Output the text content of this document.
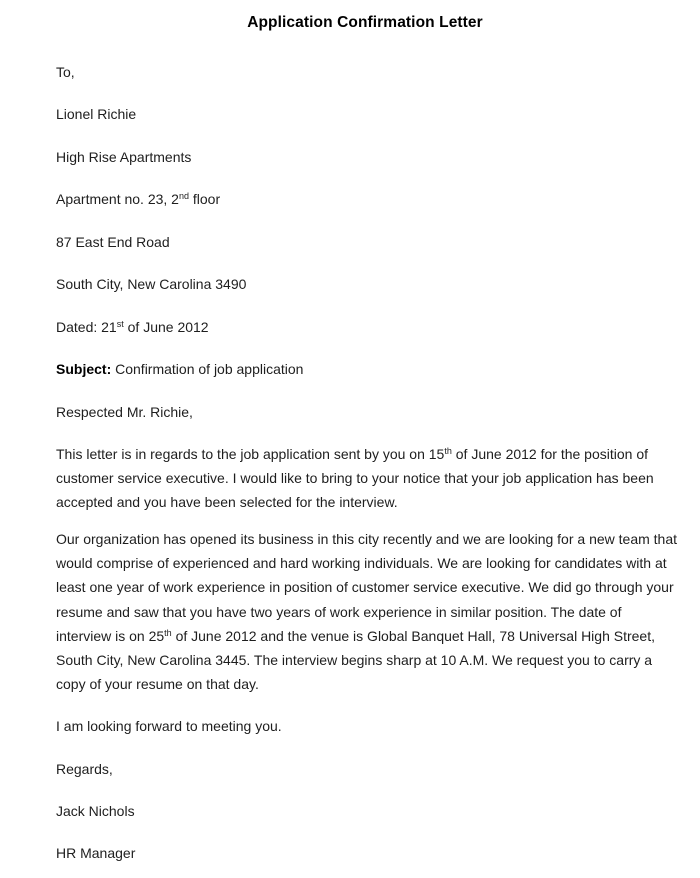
Application Confirmation Letter
To,
Lionel Richie
High Rise Apartments
Apartment no. 23, 2nd floor
87 East End Road
South City, New Carolina 3490
Dated: 21st of June 2012
Subject: Confirmation of job application
Respected Mr. Richie,
This letter is in regards to the job application sent by you on 15th of June 2012 for the position of customer service executive. I would like to bring to your notice that your job application has been accepted and you have been selected for the interview.
Our organization has opened its business in this city recently and we are looking for a new team that would comprise of experienced and hard working individuals. We are looking for candidates with at least one year of work experience in position of customer service executive. We did go through your resume and saw that you have two years of work experience in similar position. The date of interview is on 25th of June 2012 and the venue is Global Banquet Hall, 78 Universal High Street, South City, New Carolina 3445. The interview begins sharp at 10 A.M. We request you to carry a copy of your resume on that day.
I am looking forward to meeting you.
Regards,
Jack Nichols
HR Manager
